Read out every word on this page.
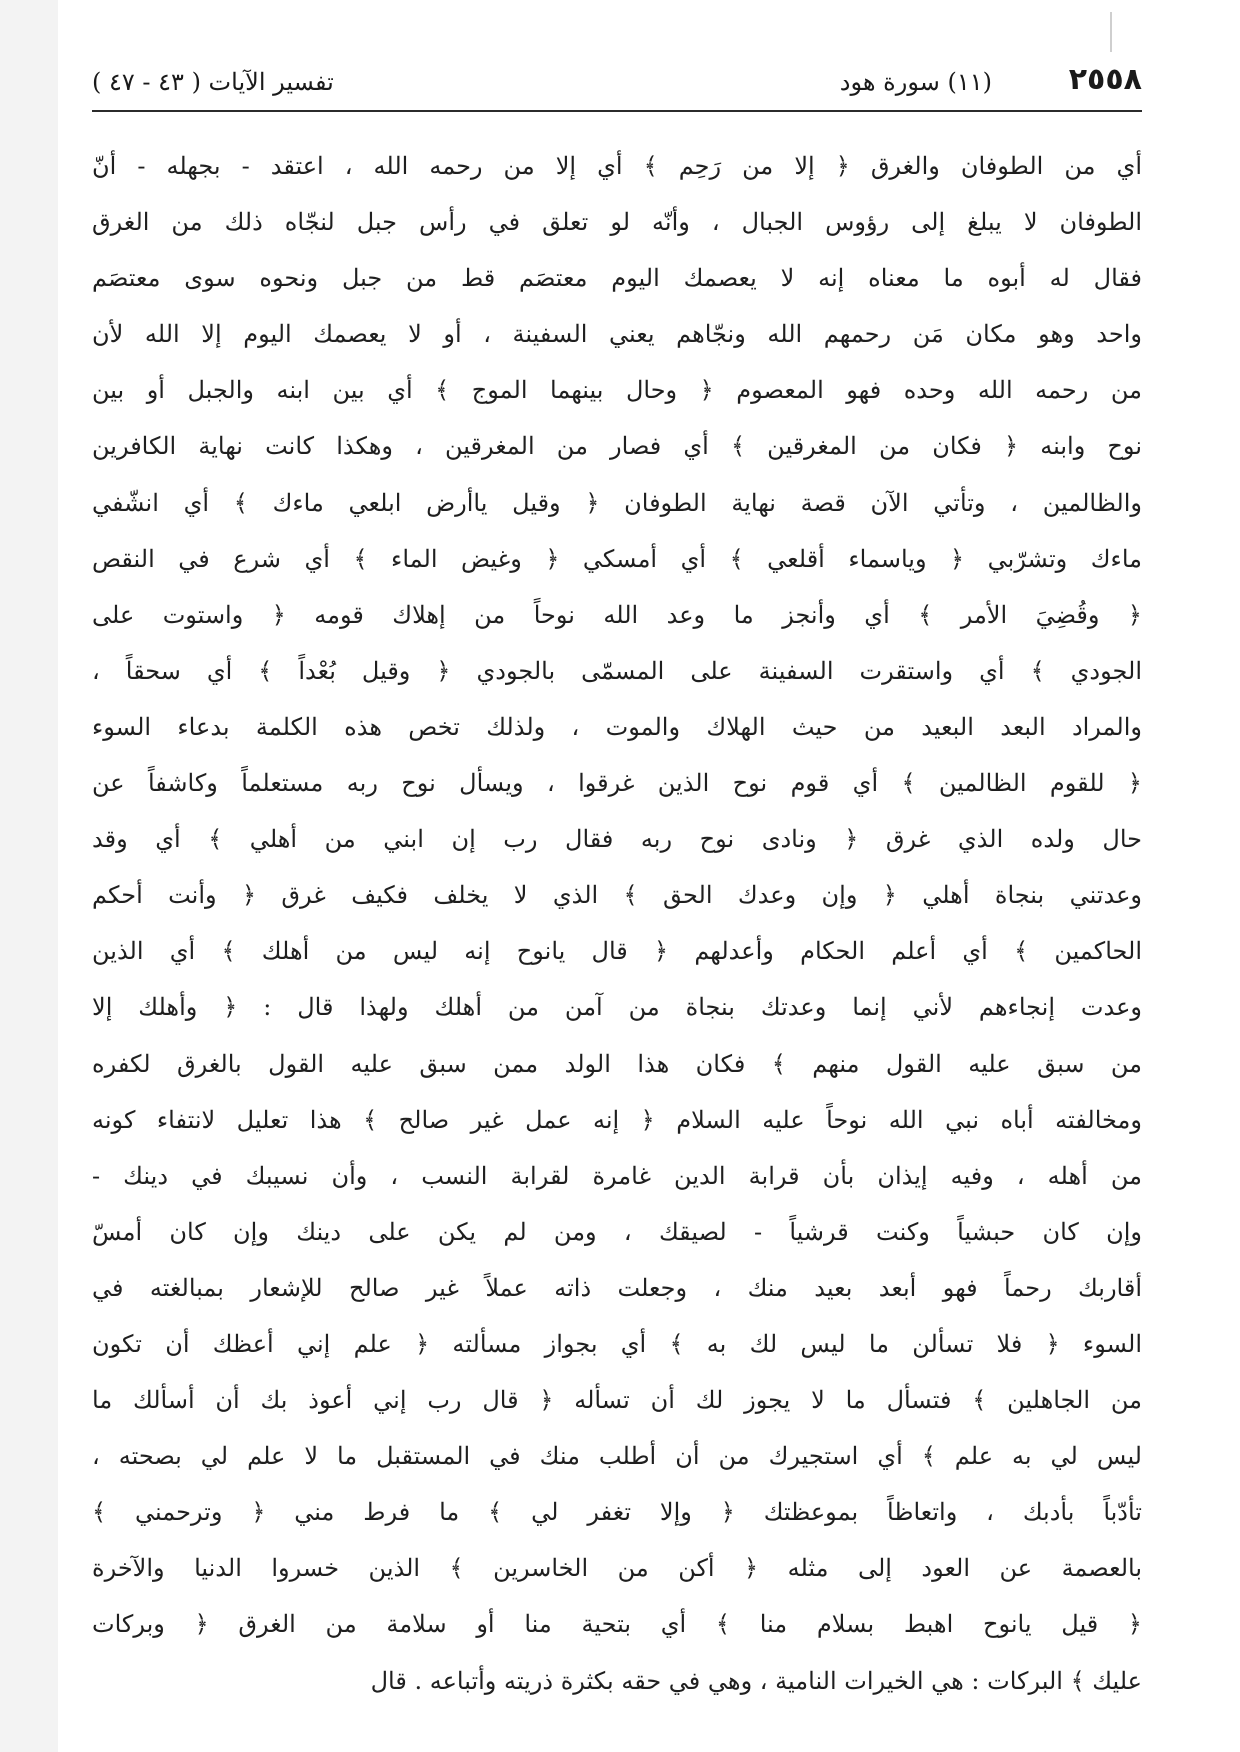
٢٥٥٨
(١١) سورة هود
تفسير الآيات ( ٤٣ - ٤٧ )
أي من الطوفان والغرق ﴿ إلا من رَحِم ﴾ أي إلا من رحمه الله ، اعتقد - بجهله - أنّ
الطوفان لا يبلغ إلى رؤوس الجبال ، وأنّه لو تعلق في رأس جبل لنجّاه ذلك من الغرق
فقال له أبوه ما معناه إنه لا يعصمك اليوم معتصَم قط من جبل ونحوه سوى معتصَم
واحد وهو مكان مَن رحمهم الله ونجّاهم يعني السفينة ، أو لا يعصمك اليوم إلا الله لأن
من رحمه الله وحده فهو المعصوم ﴿ وحال بينهما الموج ﴾ أي بين ابنه والجبل أو بين
نوح وابنه ﴿ فكان من المغرقين ﴾ أي فصار من المغرقين ، وهكذا كانت نهاية الكافرين
والظالمين ، وتأتي الآن قصة نهاية الطوفان ﴿ وقيل ياأرض ابلعي ماءك ﴾ أي انشّفي
ماءك وتشرّبي ﴿ وياسماء أقلعي ﴾ أي أمسكي ﴿ وغيض الماء ﴾ أي شرع في النقص
﴿ وقُضِيَ الأمر ﴾ أي وأنجز ما وعد الله نوحاً من إهلاك قومه ﴿ واستوت على
الجودي ﴾ أي واستقرت السفينة على المسمّى بالجودي ﴿ وقيل بُعْداً ﴾ أي سحقاً ،
والمراد البعد البعيد من حيث الهلاك والموت ، ولذلك تخص هذه الكلمة بدعاء السوء
﴿ للقوم الظالمين ﴾ أي قوم نوح الذين غرقوا ، ويسأل نوح ربه مستعلماً وكاشفاً عن
حال ولده الذي غرق ﴿ ونادى نوح ربه فقال رب إن ابني من أهلي ﴾ أي وقد
وعدتني بنجاة أهلي ﴿ وإن وعدك الحق ﴾ الذي لا يخلف فكيف غرق ﴿ وأنت أحكم
الحاكمين ﴾ أي أعلم الحكام وأعدلهم ﴿ قال يانوح إنه ليس من أهلك ﴾ أي الذين
وعدت إنجاءهم لأني إنما وعدتك بنجاة من آمن من أهلك ولهذا قال : ﴿ وأهلك إلا
من سبق عليه القول منهم ﴾ فكان هذا الولد ممن سبق عليه القول بالغرق لكفره
ومخالفته أباه نبي الله نوحاً عليه السلام ﴿ إنه عمل غير صالح ﴾ هذا تعليل لانتفاء كونه
من أهله ، وفيه إيذان بأن قرابة الدين غامرة لقرابة النسب ، وأن نسيبك في دينك -
وإن كان حبشياً وكنت قرشياً - لصيقك ، ومن لم يكن على دينك وإن كان أمسّ
أقاربك رحماً فهو أبعد بعيد منك ، وجعلت ذاته عملاً غير صالح للإشعار بمبالغته في
السوء ﴿ فلا تسألن ما ليس لك به ﴾ أي بجواز مسألته ﴿ علم إني أعظك أن تكون
من الجاهلين ﴾ فتسأل ما لا يجوز لك أن تسأله ﴿ قال رب إني أعوذ بك أن أسألك ما
ليس لي به علم ﴾ أي استجيرك من أن أطلب منك في المستقبل ما لا علم لي بصحته ،
تأدّباً بأدبك ، واتعاظاً بموعظتك ﴿ وإلا تغفر لي ﴾ ما فرط مني ﴿ وترحمني ﴾
بالعصمة عن العود إلى مثله ﴿ أكن من الخاسرين ﴾ الذين خسروا الدنيا والآخرة
﴿ قيل يانوح اهبط بسلام منا ﴾ أي بتحية منا أو سلامة من الغرق ﴿ وبركات
عليك ﴾ البركات : هي الخيرات النامية ، وهي في حقه بكثرة ذريته وأتباعه . قال
